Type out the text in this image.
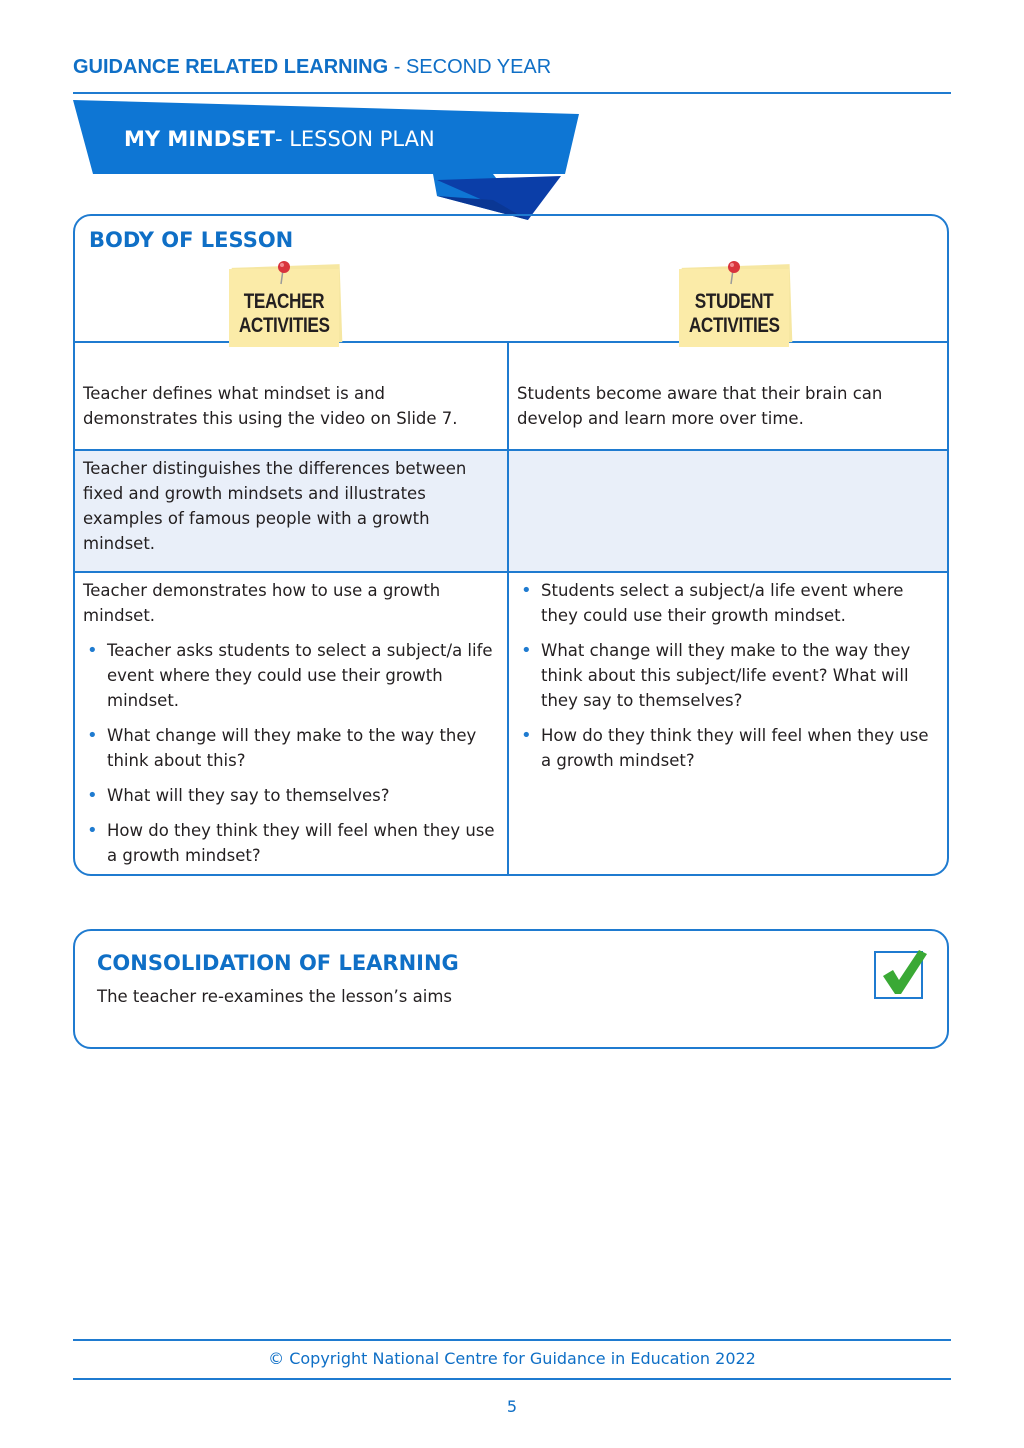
GUIDANCE RELATED LEARNING - SECOND YEAR
MY MINDSET- LESSON PLAN
BODY OF LESSON
TEACHER
ACTIVITIES
STUDENT
ACTIVITIES

Teacher defines what mindset is and demonstrates this using the video on Slide 7.

Students become aware that their brain can develop and learn more over time.

Teacher distinguishes the differences between fixed and growth mindsets and illustrates examples of famous people with a growth mindset.

Teacher demonstrates how to use a growth mindset.

• Teacher asks students to select a subject/a life event where they could use their growth mindset.
• What change will they make to the way they think about this?
• What will they say to themselves?
• How do they think they will feel when they use a growth mindset?
• Students select a subject/a life event where they could use their growth mindset.
• What change will they make to the way they think about this subject/life event? What will they say to themselves?
• How do they think they will feel when they use a growth mindset?
CONSOLIDATION OF LEARNING
The teacher re-examines the lesson’s aims
© Copyright National Centre for Guidance in Education 2022
5
